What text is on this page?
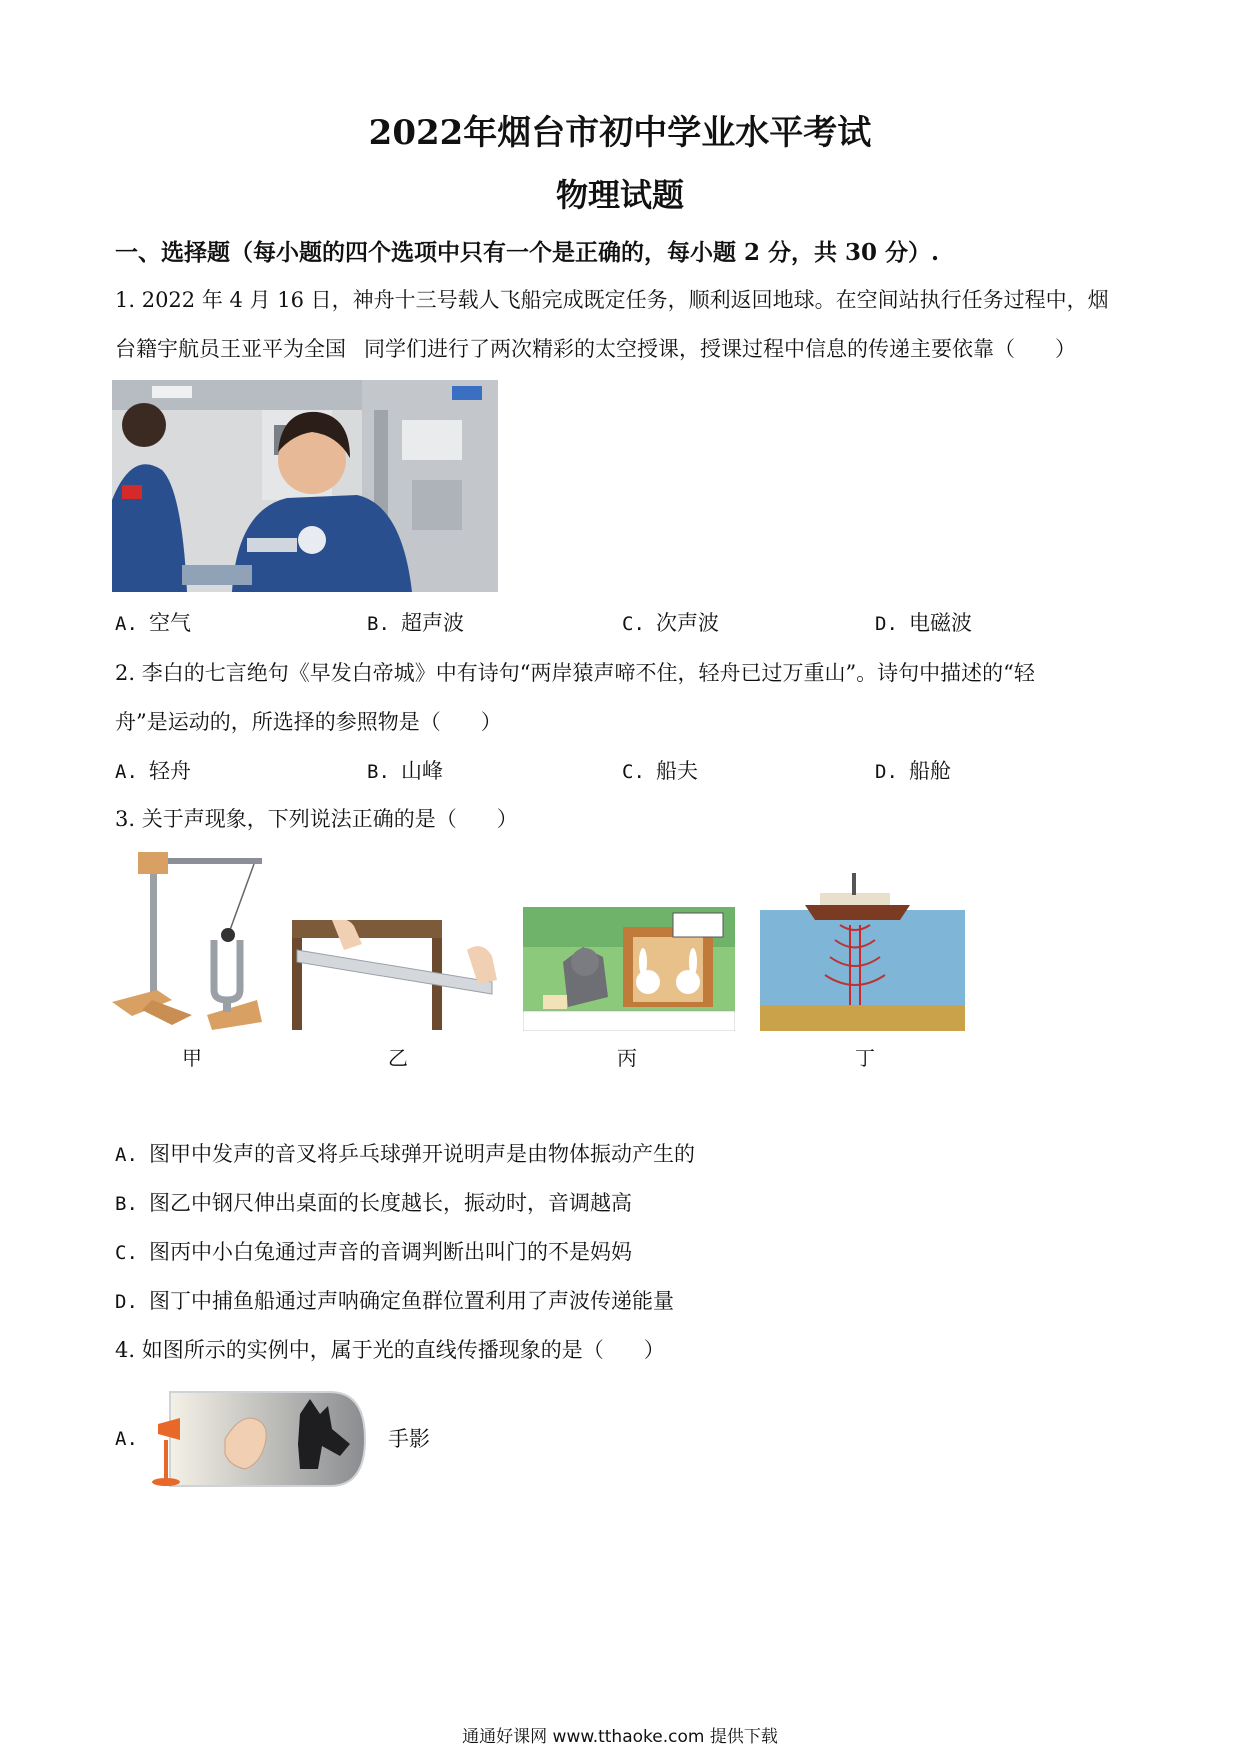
2022年烟台市初中学业水平考试
物理试题
一、选择题（每小题的四个选项中只有一个是正确的，每小题 2 分，共 30 分）.
1. 2022 年 4 月 16 日，神舟十三号载人飞船完成既定任务，顺利返回地球。在空间站执行任务过程中，烟
台籍宇航员王亚平为全国 同学们进行了两次精彩的太空授课，授课过程中信息的传递主要依靠（ ）
A. 空气	B. 超声波	C. 次声波	D. 电磁波
2. 李白的七言绝句《早发白帝城》中有诗句“两岸猿声啼不住，轻舟已过万重山”。诗句中描述的“轻
舟”是运动的，所选择的参照物是（ ）
A. 轻舟	B. 山峰	C. 船夫	D. 船舱
3. 关于声现象，下列说法正确的是（ ）
甲	乙	丙	丁
A. 图甲中发声的音叉将乒乓球弹开说明声是由物体振动产生的
B. 图乙中钢尺伸出桌面的长度越长，振动时，音调越高
C. 图丙中小白兔通过声音的音调判断出叫门的不是妈妈
D. 图丁中捕鱼船通过声呐确定鱼群位置利用了声波传递能量
4. 如图所示的实例中，属于光的直线传播现象的是（ ）
A.	手影
通通好课网 www.tthaoke.com 提供下载
